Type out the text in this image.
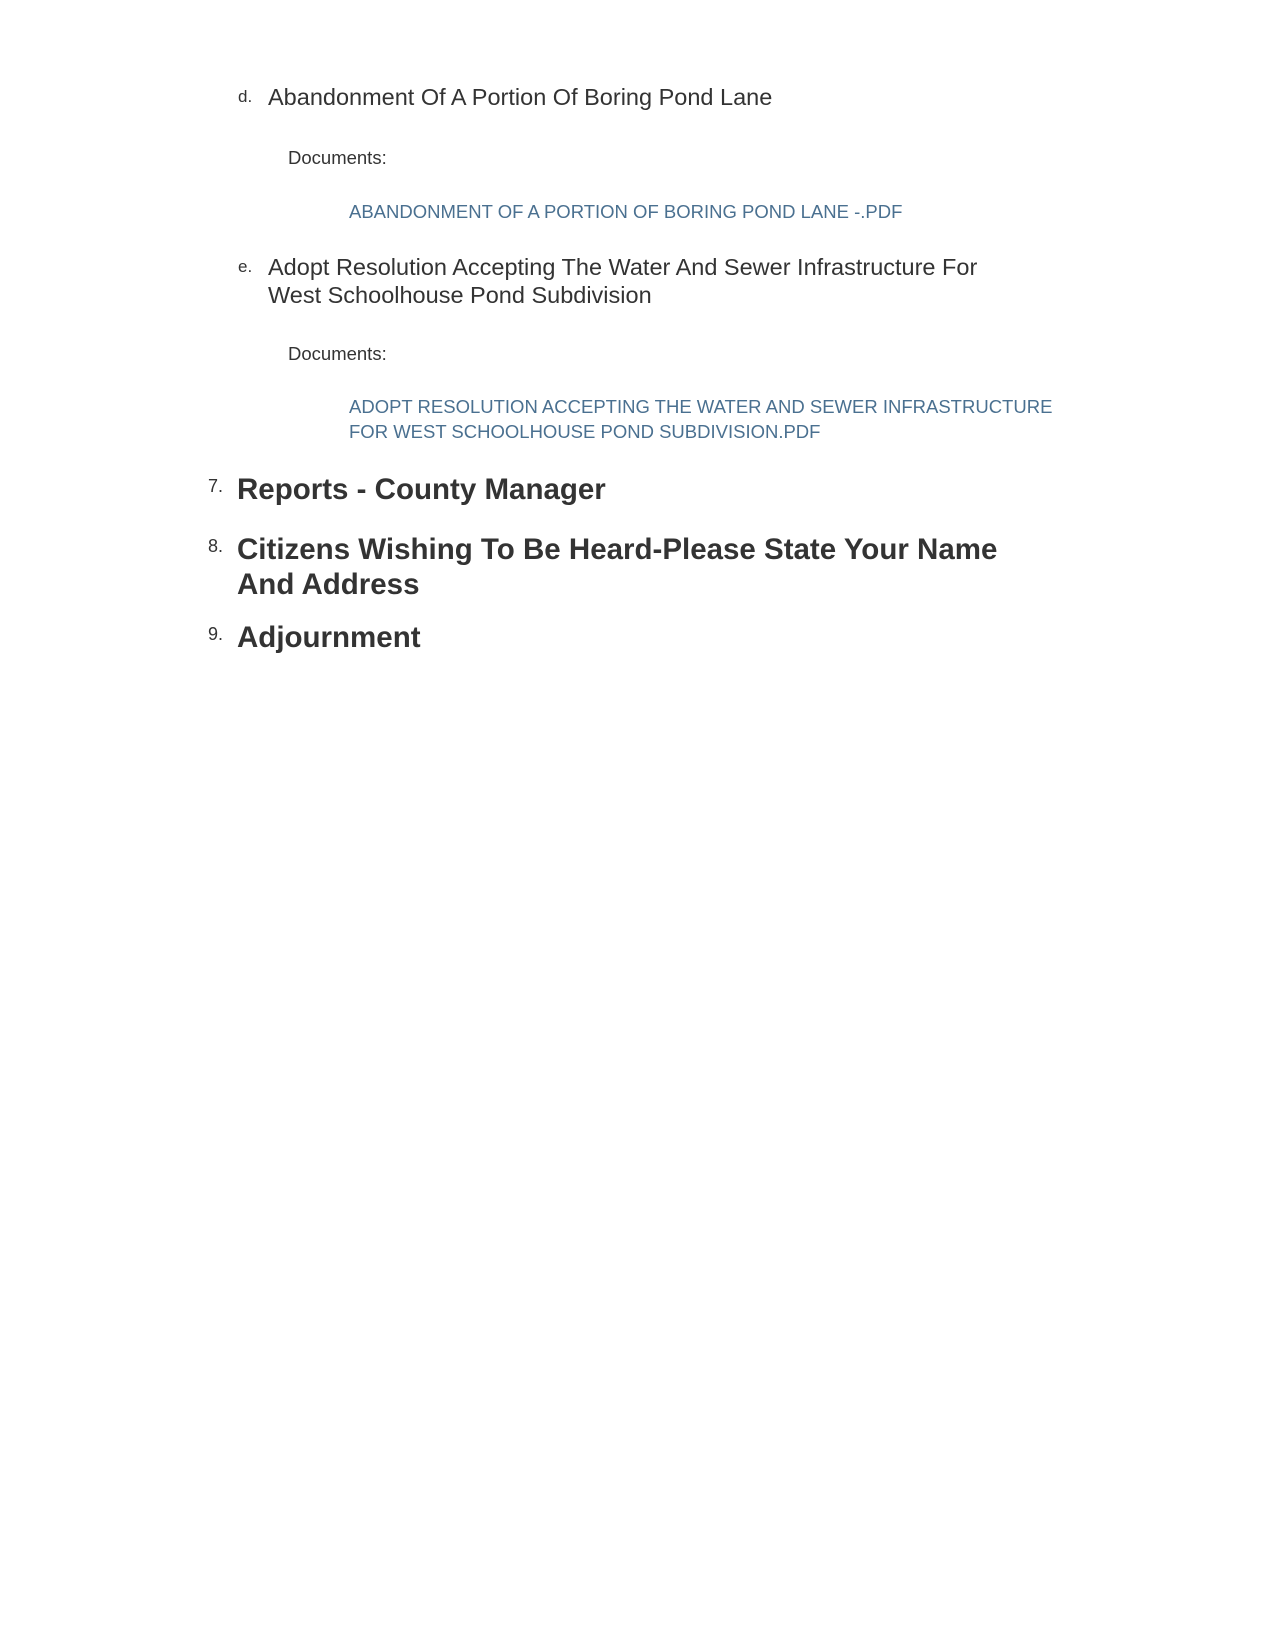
d. Abandonment Of A Portion Of Boring Pond Lane
Documents:
ABANDONMENT OF A PORTION OF BORING POND LANE -.PDF
e. Adopt Resolution Accepting The Water And Sewer Infrastructure For West Schoolhouse Pond Subdivision
Documents:
ADOPT RESOLUTION ACCEPTING THE WATER AND SEWER INFRASTRUCTURE FOR WEST SCHOOLHOUSE POND SUBDIVISION.PDF
7. Reports - County Manager
8. Citizens Wishing To Be Heard-Please State Your Name And Address
9. Adjournment
